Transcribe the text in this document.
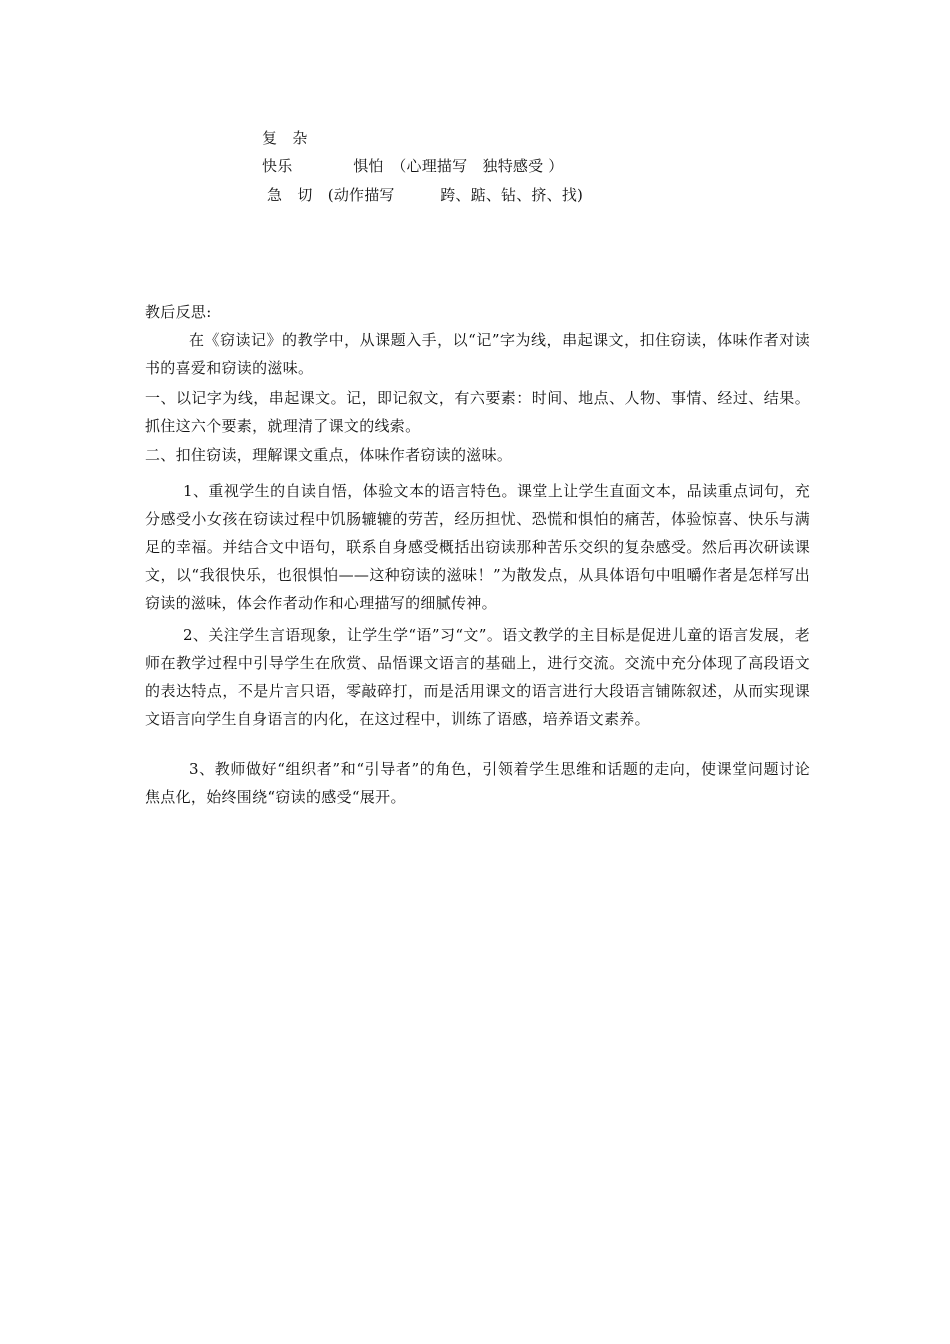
复　杂
快乐　　　　惧怕　（心理描写　独特感受 ）
急　切　(动作描写　　　跨、踮、钻、挤、找)
教后反思:
在《窃读记》的教学中，从课题入手，以“记”字为线，串起课文，扣住窃读，体味作者对读书的喜爱和窃读的滋味。
一、以记字为线，串起课文。记，即记叙文，有六要素：时间、地点、人物、事情、经过、结果。抓住这六个要素，就理清了课文的线索。
二、扣住窃读，理解课文重点，体味作者窃读的滋味。
1、重视学生的自读自悟，体验文本的语言特色。课堂上让学生直面文本，品读重点词句，充分感受小女孩在窃读过程中饥肠辘辘的劳苦，经历担忧、恐慌和惧怕的痛苦，体验惊喜、快乐与满足的幸福。并结合文中语句，联系自身感受概括出窃读那种苦乐交织的复杂感受。然后再次研读课文，以“我很快乐，也很惧怕——这种窃读的滋味！”为散发点，从具体语句中咀嚼作者是怎样写出窃读的滋味，体会作者动作和心理描写的细腻传神。
2、关注学生言语现象，让学生学“语”习“文”。语文教学的主目标是促进儿童的语言发展，老师在教学过程中引导学生在欣赏、品悟课文语言的基础上，进行交流。交流中充分体现了高段语文的表达特点，不是片言只语，零敲碎打，而是活用课文的语言进行大段语言铺陈叙述，从而实现课文语言向学生自身语言的内化，在这过程中，训练了语感，培养语文素养。
3、教师做好“组织者”和“引导者”的角色，引领着学生思维和话题的走向，使课堂问题讨论焦点化，始终围绕“窃读的感受“展开。
